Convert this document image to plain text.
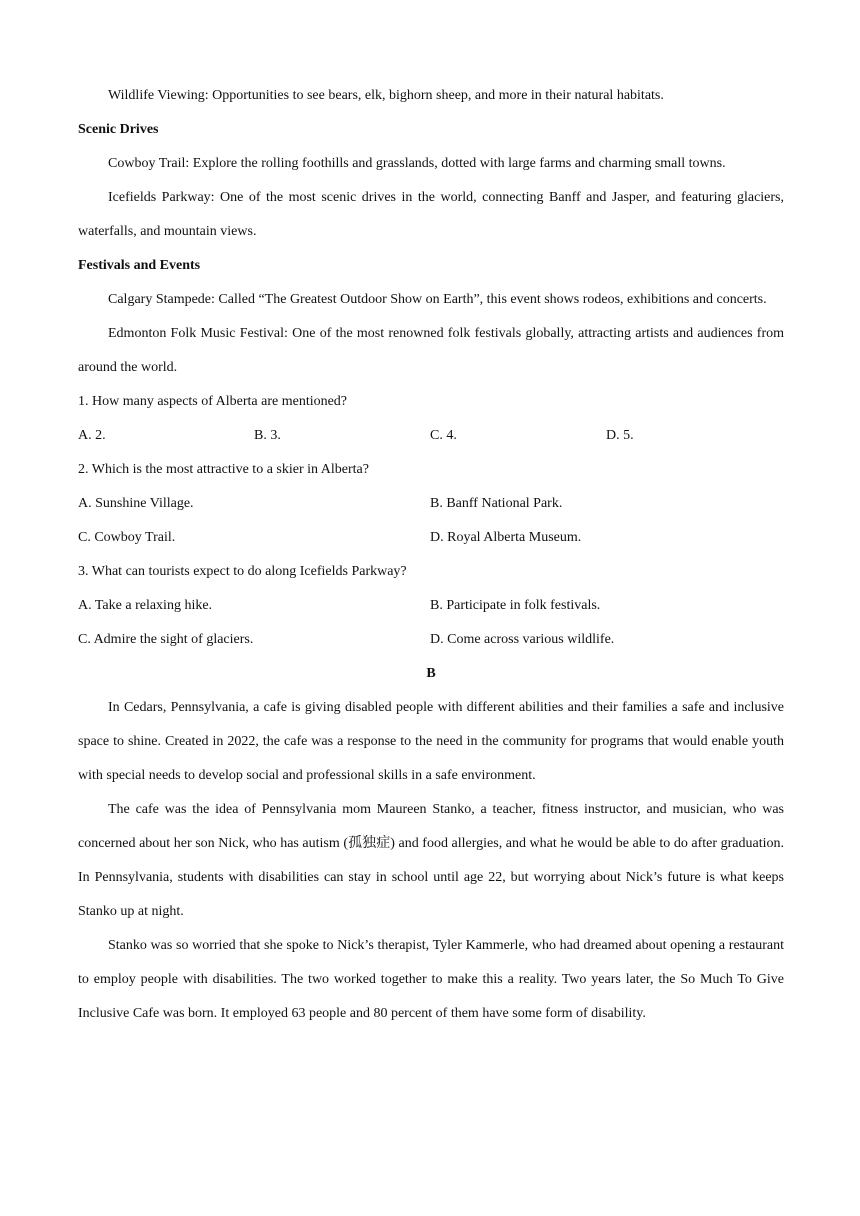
Wildlife Viewing: Opportunities to see bears, elk, bighorn sheep, and more in their natural habitats.

Scenic Drives

Cowboy Trail: Explore the rolling foothills and grasslands, dotted with large farms and charming small towns.

Icefields Parkway: One of the most scenic drives in the world, connecting Banff and Jasper, and featuring glaciers, waterfalls, and mountain views.

Festivals and Events

Calgary Stampede: Called “The Greatest Outdoor Show on Earth”, this event shows rodeos, exhibitions and concerts.

Edmonton Folk Music Festival: One of the most renowned folk festivals globally, attracting artists and audiences from around the world.

1. How many aspects of Alberta are mentioned?

A. 2.	B. 3.	C. 4.	D. 5.

2. Which is the most attractive to a skier in Alberta?

A. Sunshine Village.	B. Banff National Park.
C. Cowboy Trail.	D. Royal Alberta Museum.

3. What can tourists expect to do along Icefields Parkway?

A. Take a relaxing hike.	B. Participate in folk festivals.
C. Admire the sight of glaciers.	D. Come across various wildlife.

B

In Cedars, Pennsylvania, a cafe is giving disabled people with different abilities and their families a safe and inclusive space to shine. Created in 2022, the cafe was a response to the need in the community for programs that would enable youth with special needs to develop social and professional skills in a safe environment.

The cafe was the idea of Pennsylvania mom Maureen Stanko, a teacher, fitness instructor, and musician, who was concerned about her son Nick, who has autism (孤独症) and food allergies, and what he would be able to do after graduation. In Pennsylvania, students with disabilities can stay in school until age 22, but worrying about Nick’s future is what keeps Stanko up at night.

Stanko was so worried that she spoke to Nick’s therapist, Tyler Kammerle, who had dreamed about opening a restaurant to employ people with disabilities. The two worked together to make this a reality. Two years later, the So Much To Give Inclusive Cafe was born. It employed 63 people and 80 percent of them have some form of disability.
